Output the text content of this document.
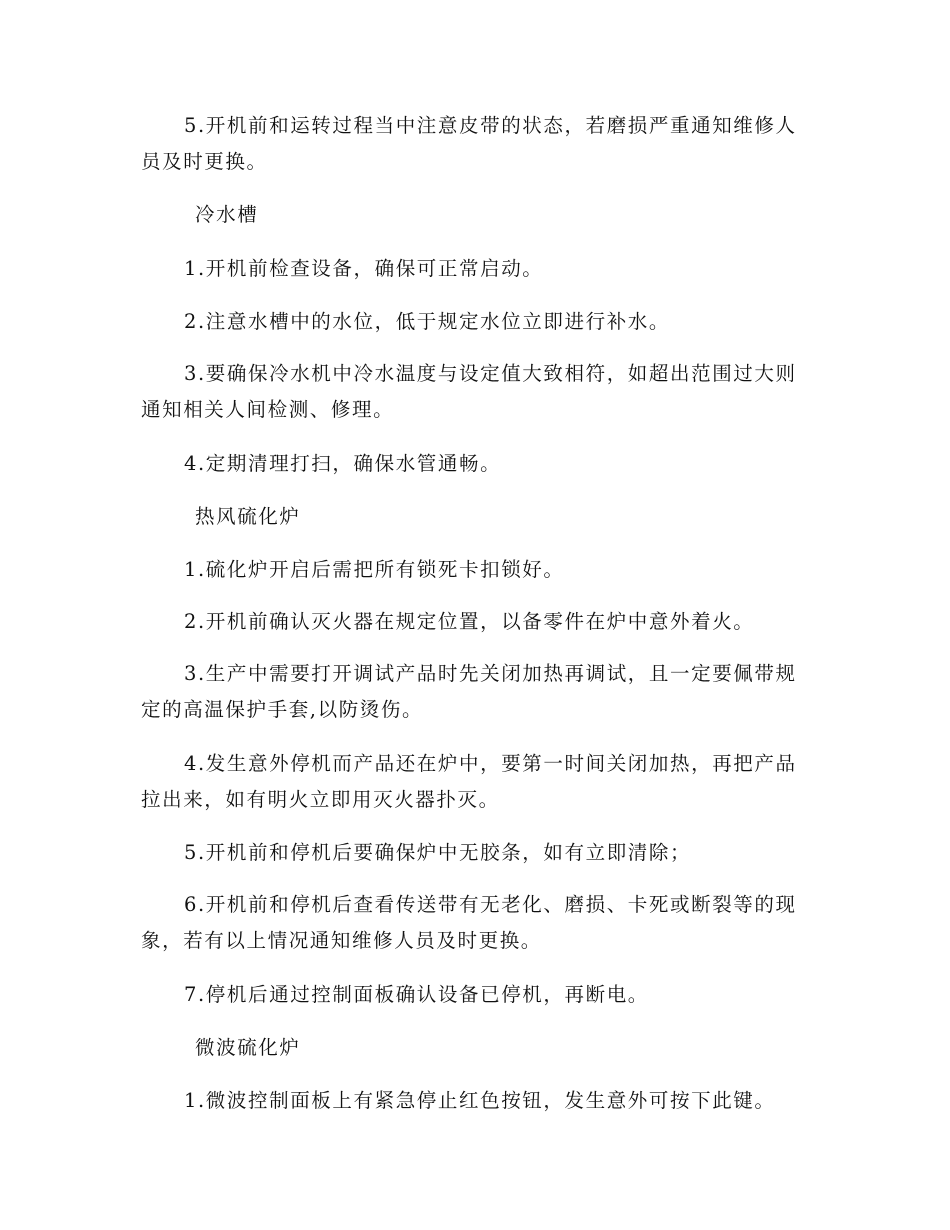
5.开机前和运转过程当中注意皮带的状态，若磨损严重通知维修人员及时更换。

冷水槽

1.开机前检查设备，确保可正常启动。

2.注意水槽中的水位，低于规定水位立即进行补水。

3.要确保冷水机中冷水温度与设定值大致相符，如超出范围过大则通知相关人间检测、修理。

4.定期清理打扫，确保水管通畅。

热风硫化炉

1.硫化炉开启后需把所有锁死卡扣锁好。

2.开机前确认灭火器在规定位置，以备零件在炉中意外着火。

3.生产中需要打开调试产品时先关闭加热再调试，且一定要佩带规定的高温保护手套,以防烫伤。

4.发生意外停机而产品还在炉中，要第一时间关闭加热，再把产品拉出来，如有明火立即用灭火器扑灭。

5.开机前和停机后要确保炉中无胶条，如有立即清除；

6.开机前和停机后查看传送带有无老化、磨损、卡死或断裂等的现象，若有以上情况通知维修人员及时更换。

7.停机后通过控制面板确认设备已停机，再断电。

微波硫化炉

1.微波控制面板上有紧急停止红色按钮，发生意外可按下此键。
